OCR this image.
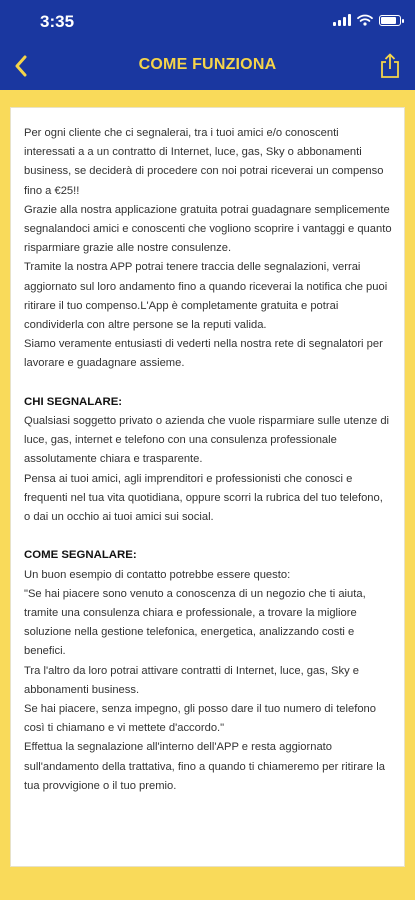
3:35
COME FUNZIONA

Per ogni cliente che ci segnalerai, tra i tuoi amici e/o conoscenti interessati a a un contratto di Internet, luce, gas, Sky o abbonamenti business, se deciderà di procedere con noi potrai riceverai un compenso fino a €25!!

Grazie alla nostra applicazione gratuita potrai guadagnare semplicemente segnalandoci amici e conoscenti che vogliono scoprire i vantaggi e quanto risparmiare grazie alle nostre consulenze.

Tramite la nostra APP potrai tenere traccia delle segnalazioni, verrai aggiornato sul loro andamento fino a quando riceverai la notifica che puoi ritirare il tuo compenso.L'App è completamente gratuita e potrai condividerla con altre persone se la reputi valida.

Siamo veramente entusiasti di vederti nella nostra rete di segnalatori per lavorare e guadagnare assieme.

CHI SEGNALARE:

Qualsiasi soggetto privato o azienda che vuole risparmiare sulle utenze di luce, gas, internet e telefono con una consulenza professionale assolutamente chiara e trasparente.

Pensa ai tuoi amici, agli imprenditori e professionisti che conosci e frequenti nel tua vita quotidiana, oppure scorri la rubrica del tuo telefono, o dai un occhio ai tuoi amici sui social.

COME SEGNALARE:

Un buon esempio di contatto potrebbe essere questo:

"Se hai piacere sono venuto a conoscenza di un negozio che ti aiuta, tramite una consulenza chiara e professionale, a trovare la migliore soluzione nella gestione telefonica, energetica, analizzando costi e benefici.

Tra l'altro da loro potrai attivare contratti di Internet, luce, gas, Sky e abbonamenti business.

Se hai piacere, senza impegno, gli posso dare il tuo numero di telefono così ti chiamano e vi mettete d'accordo."

Effettua la segnalazione all'interno dell'APP e resta aggiornato sull'andamento della trattativa, fino a quando ti chiameremo per ritirare la tua provvigione o il tuo premio.
